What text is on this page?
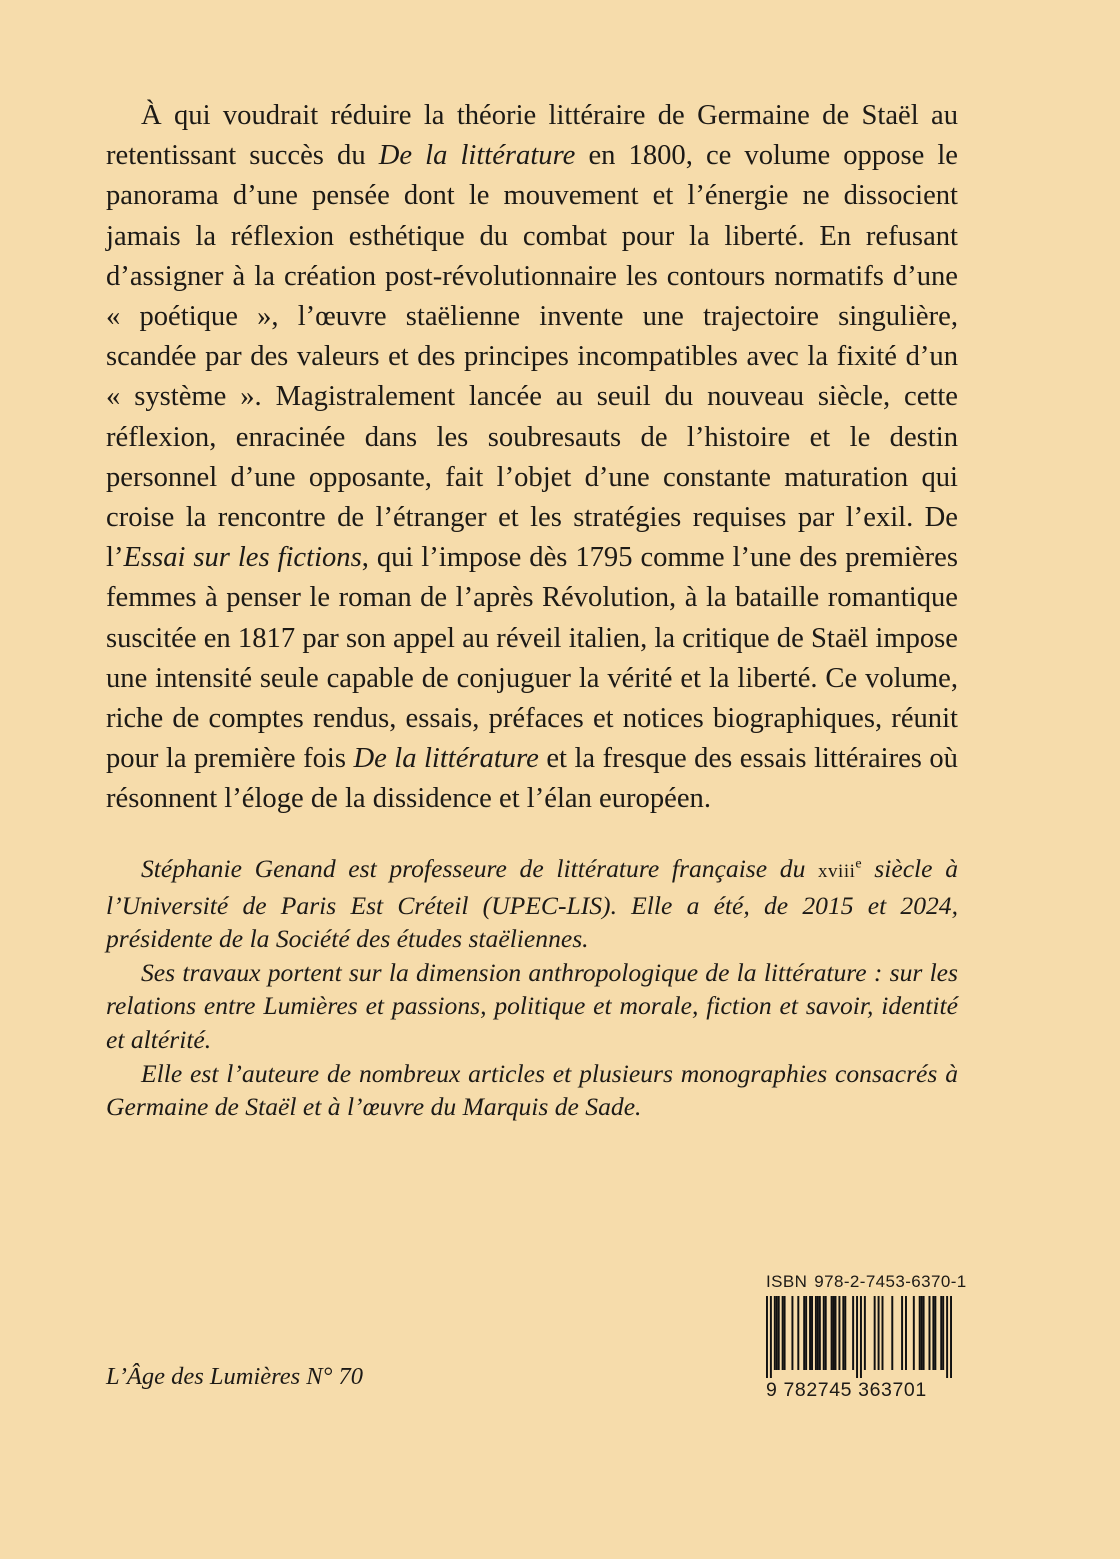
À qui voudrait réduire la théorie littéraire de Germaine de Staël au retentissant succès du De la littérature en 1800, ce volume oppose le panorama d’une pensée dont le mouvement et l’énergie ne dissocient jamais la réflexion esthétique du combat pour la liberté. En refusant d’assigner à la création post-révolutionnaire les contours normatifs d’une « poétique », l’œuvre staëlienne invente une trajectoire singulière, scandée par des valeurs et des principes incompatibles avec la fixité d’un « système ». Magistralement lancée au seuil du nouveau siècle, cette réflexion, enracinée dans les soubresauts de l’histoire et le destin personnel d’une opposante, fait l’objet d’une constante maturation qui croise la rencontre de l’étranger et les stratégies requises par l’exil. De l’Essai sur les fictions, qui l’impose dès 1795 comme l’une des premières femmes à penser le roman de l’après Révolution, à la bataille romantique suscitée en 1817 par son appel au réveil italien, la critique de Staël impose une intensité seule capable de conjuguer la vérité et la liberté. Ce volume, riche de comptes rendus, essais, préfaces et notices biographiques, réunit pour la première fois De la littérature et la fresque des essais littéraires où résonnent l’éloge de la dissidence et l’élan européen.

Stéphanie Genand est professeure de littérature française du xviii$^e$ siècle à l’Université de Paris Est Créteil (UPEC-LIS). Elle a été, de 2015 et 2024, présidente de la Société des études staëliennes.

Ses travaux portent sur la dimension anthropologique de la littérature : sur les relations entre Lumières et passions, politique et morale, fiction et savoir, identité et altérité.

Elle est l’auteure de nombreux articles et plusieurs monographies consacrés à Germaine de Staël et à l’œuvre du Marquis de Sade.

L’Âge des Lumières N° 70
ISBN 978-2-7453-6370-1
9 782745 363701
